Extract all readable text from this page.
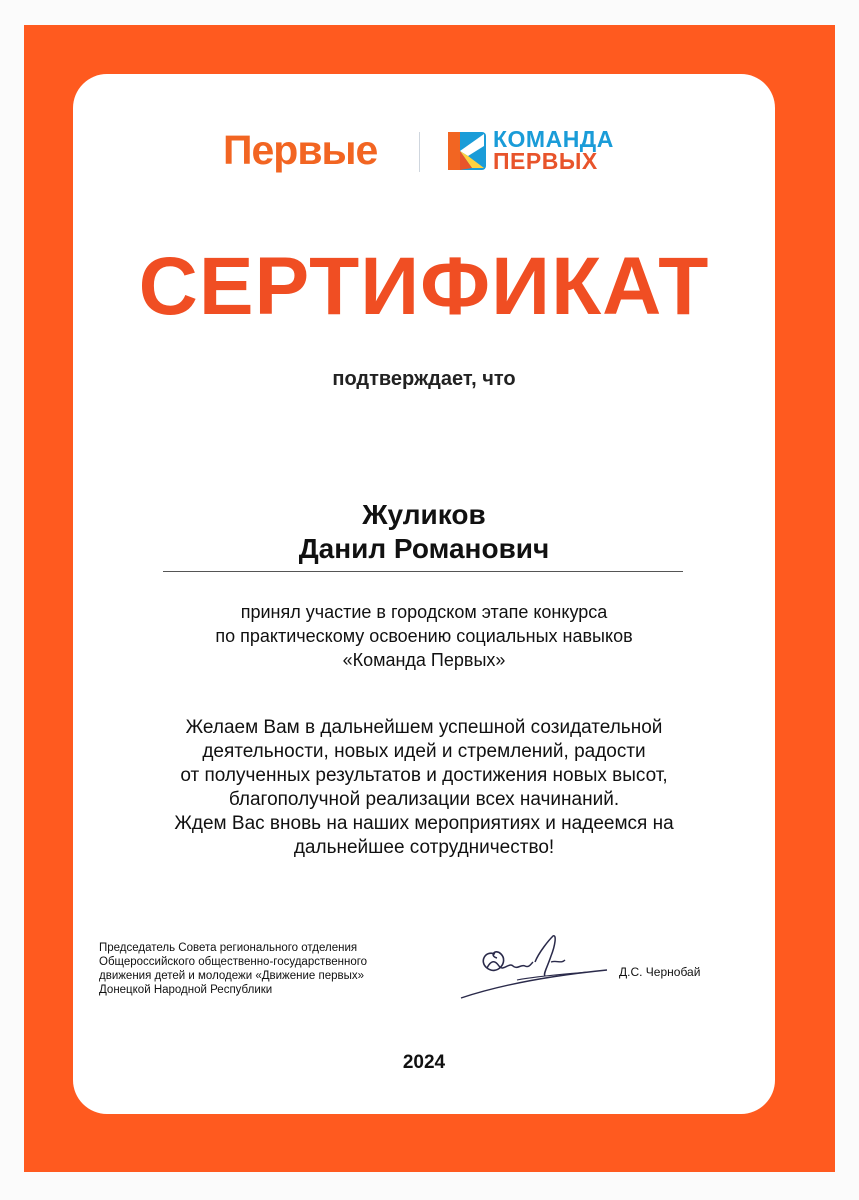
Первые	КОМАНДА
ПЕРВЫХ
СЕРТИФИКАТ
подтверждает, что
Жуликов
Данил Романович
принял участие в городском этапе конкурса
по практическому освоению социальных навыков
«Команда Первых»
Желаем Вам в дальнейшем успешной созидательной
деятельности, новых идей и стремлений, радости
от полученных результатов и достижения новых высот,
благополучной реализации всех начинаний.
Ждем Вас вновь на наших мероприятиях и надеемся на
дальнейшее сотрудничество!
Председатель Совета регионального отделения
Общероссийского общественно-государственного
движения детей и молодежи «Движение первых»
Донецкой Народной Республики
Д.С. Чернобай
2024
